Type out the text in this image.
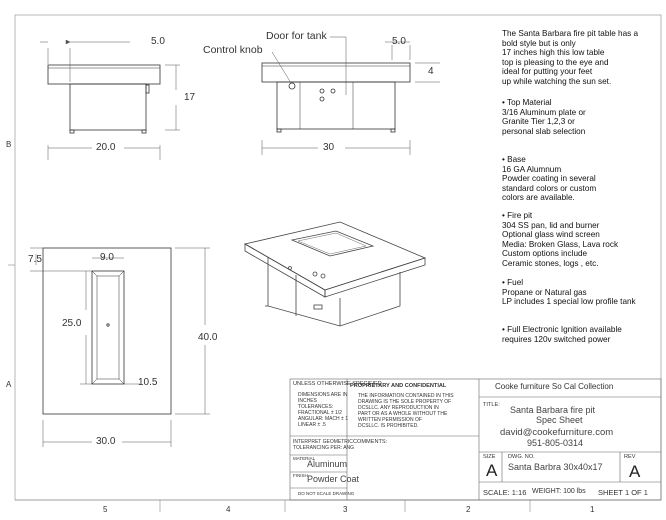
5.0
17
20.0
5.0
4
30
Door for tank
Control knob
7.5	9.0
25.0
10.5
40.0
30.0
The Santa Barbara fire pit table has a
bold style but is only
17 inches high this low table
top is pleasing to the eye and
ideal for putting your feet
up while watching the sun set.
• Top Material
3/16 Aluminum plate or
Granite Tier 1,2,3 or
personal slab selection
• Base
16 GA Alumnum
Powder coating in several
standard colors or custom
colors are available.
• Fire pit
304 SS pan, lid and burner
Optional glass wind screen
Media: Broken Glass, Lava rock
Custom options include
Ceramic stones, logs , etc.
• Fuel
Propane or Natural gas
LP includes 1 special low profile tank
• Full Electronic Ignition available
requires 120v switched power
UNLESS OTHERWISE SPECIFIED
DIMENSIONS ARE IN INCHES
TOLERANCES:
FRACTIONAL ± 1/2
ANGULAR: MACH ± 1
LINEAR ± .5
INTERPRET GEOMETRIC
TOLERANCING PER: ANG
MATERIAL
Aluminum
FINISH Powder Coat
DO NOT SCALE DRAWING
PROPRIETARY AND CONFIDENTIAL
THE INFORMATION CONTAINED IN THIS
DRAWING IS THE SOLE PROPERTY OF
DCSLLC. ANY REPRODUCTION IN
PART OR AS A WHOLE WITHOUT THE
WRITTEN PERMISSION OF
DCSLLC. IS PROHIBITED.
COMMENTS:
Cooke furniture So Cal Collection
TITLE: Santa Barbara fire pit
Spec Sheet
david@cookefurniture.com
951-805-0314
SIZE
A
DWG. NO.
Santa Barbra 30x40x17
REV
A
SCALE: 1:16 WEIGHT: 100 lbs SHEET 1 OF 1
5	4	3	2	1
B
A
